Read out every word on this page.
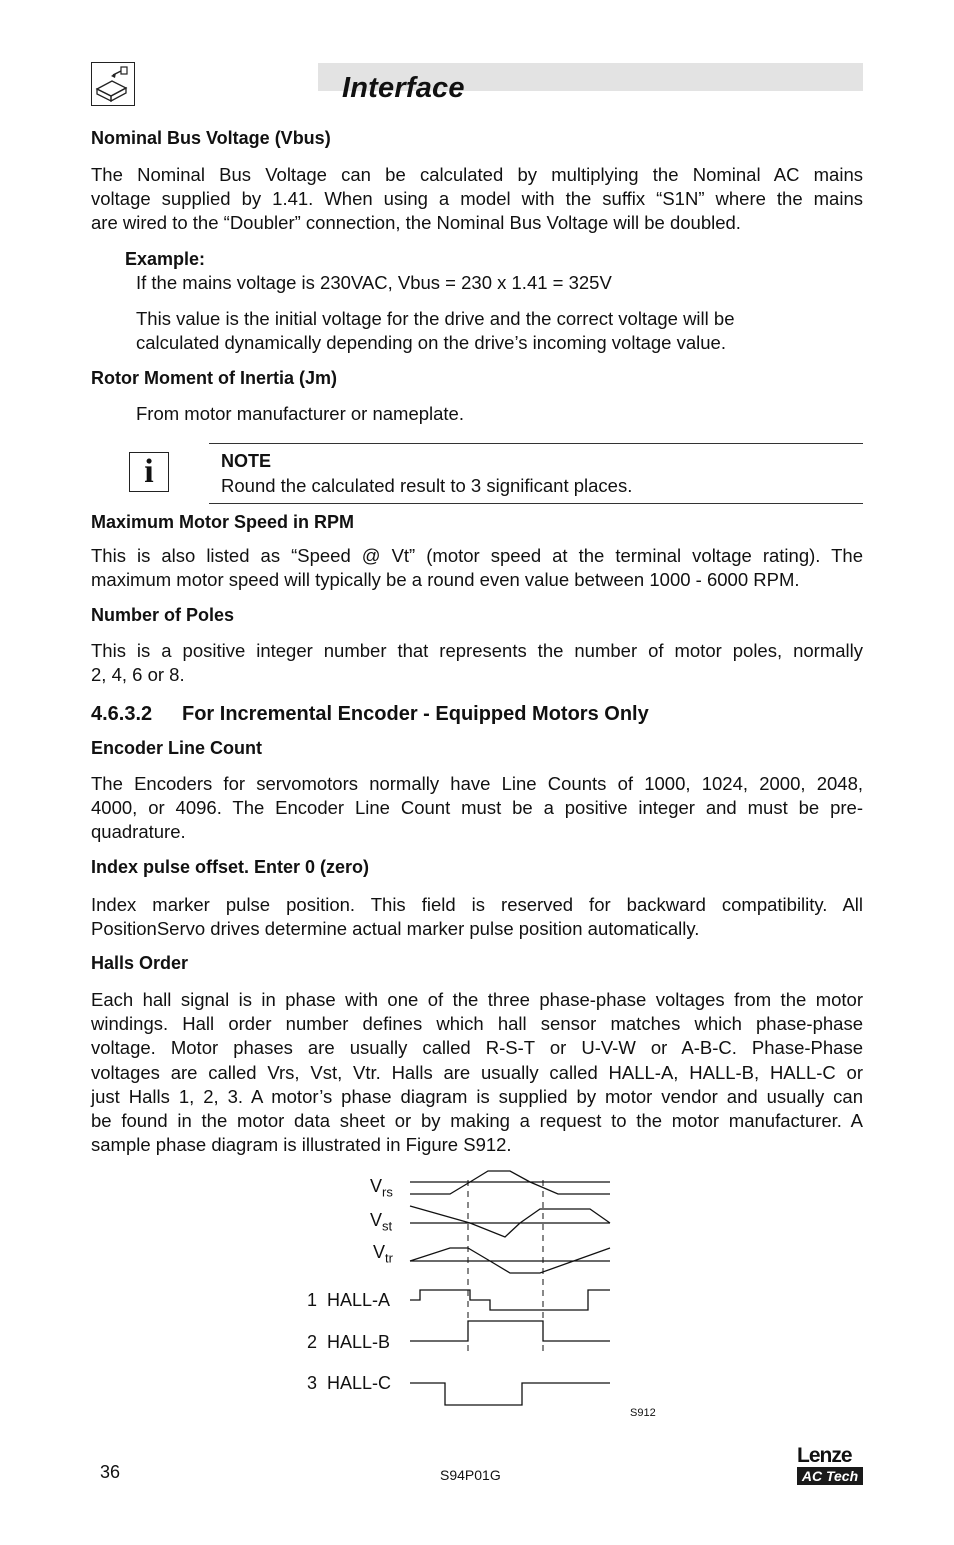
Interface
Nominal Bus Voltage (Vbus)
The Nominal Bus Voltage can be calculated by multiplying the Nominal AC mains
voltage supplied by 1.41. When using a model with the suffix “S1N” where the mains
are wired to the “Doubler” connection, the Nominal Bus Voltage will be doubled.
Example:
If the mains voltage is 230VAC, Vbus = 230 x 1.41 = 325V
This value is the initial voltage for the drive and the correct voltage will be
calculated dynamically depending on the drive’s incoming voltage value.
Rotor Moment of Inertia (Jm)
From motor manufacturer or nameplate.
i	NOTE
Round the calculated result to 3 significant places.
Maximum Motor Speed in RPM
This is also listed as “Speed @ Vt” (motor speed at the terminal voltage rating). The
maximum motor speed will typically be a round even value between 1000 - 6000 RPM.
Number of Poles
This is a positive integer number that represents the number of motor poles, normally
2, 4, 6 or 8.
4.6.3.2 For Incremental Encoder - Equipped Motors Only
Encoder Line Count
The Encoders for servomotors normally have Line Counts of 1000, 1024, 2000, 2048,
4000, or 4096. The Encoder Line Count must be a positive integer and must be pre-
quadrature.
Index pulse offset. Enter 0 (zero)
Index marker pulse position. This field is reserved for backward compatibility. All
PositionServo drives determine actual marker pulse position automatically.
Halls Order
Each hall signal is in phase with one of the three phase-phase voltages from the motor
windings. Hall order number defines which hall sensor matches which phase-phase
voltage. Motor phases are usually called R-S-T or U-V-W or A-B-C. Phase-Phase
voltages are called Vrs, Vst, Vtr. Halls are usually called HALL-A, HALL-B, HALL-C or
just Halls 1, 2, 3. A motor’s phase diagram is supplied by motor vendor and usually can
be found in the motor data sheet or by making a request to the motor manufacturer. A
sample phase diagram is illustrated in Figure S912.
$V_{rs}$
$V_{st}$
$V_{tr}$
1  HALL-A
2  HALL-B
3  HALL-C
S912
36	S94P01G
Lenze
AC Tech
